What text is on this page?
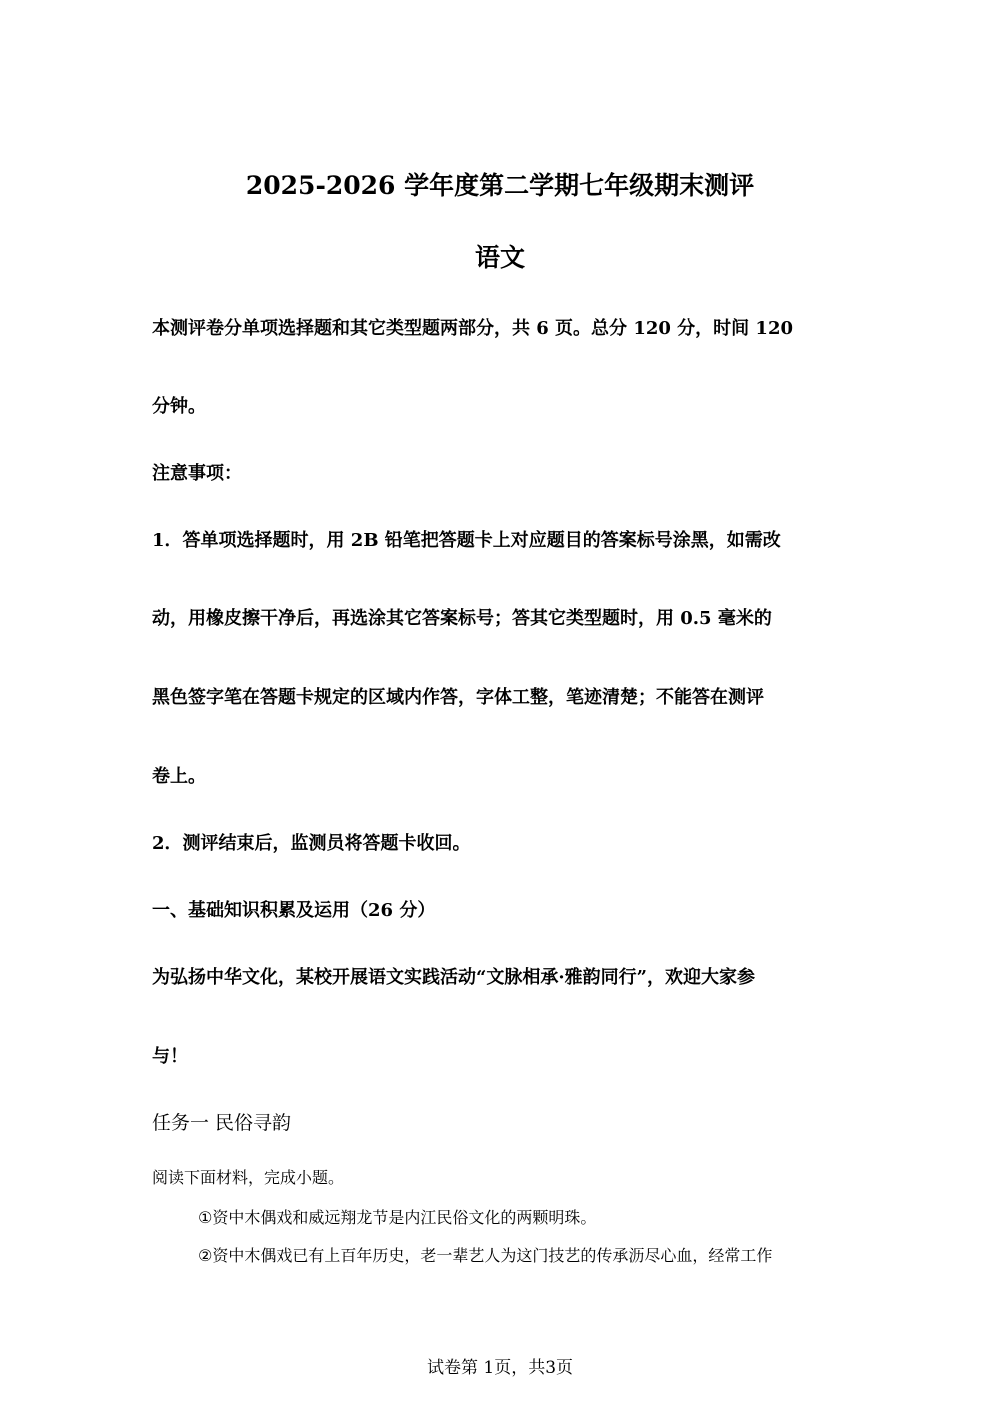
2025-2026 学年度第二学期七年级期末测评
语文
本测评卷分单项选择题和其它类型题两部分，共 6 页。总分 120 分，时间 120
分钟。
注意事项：
1．答单项选择题时，用 2B 铅笔把答题卡上对应题目的答案标号涂黑，如需改
动，用橡皮擦干净后，再选涂其它答案标号；答其它类型题时，用 0.5 毫米的
黑色签字笔在答题卡规定的区域内作答，字体工整，笔迹清楚；不能答在测评
卷上。
2．测评结束后，监测员将答题卡收回。
一、基础知识积累及运用（26 分）
为弘扬中华文化，某校开展语文实践活动“文脉相承·雅韵同行”，欢迎大家参
与！
任务一 民俗寻韵
阅读下面材料，完成小题。
①资中木偶戏和威远翔龙节是内江民俗文化的两颗明珠。
②资中木偶戏已有上百年历史，老一辈艺人为这门技艺的传承沥尽心血，经常工作
试卷第 1页，共3页
